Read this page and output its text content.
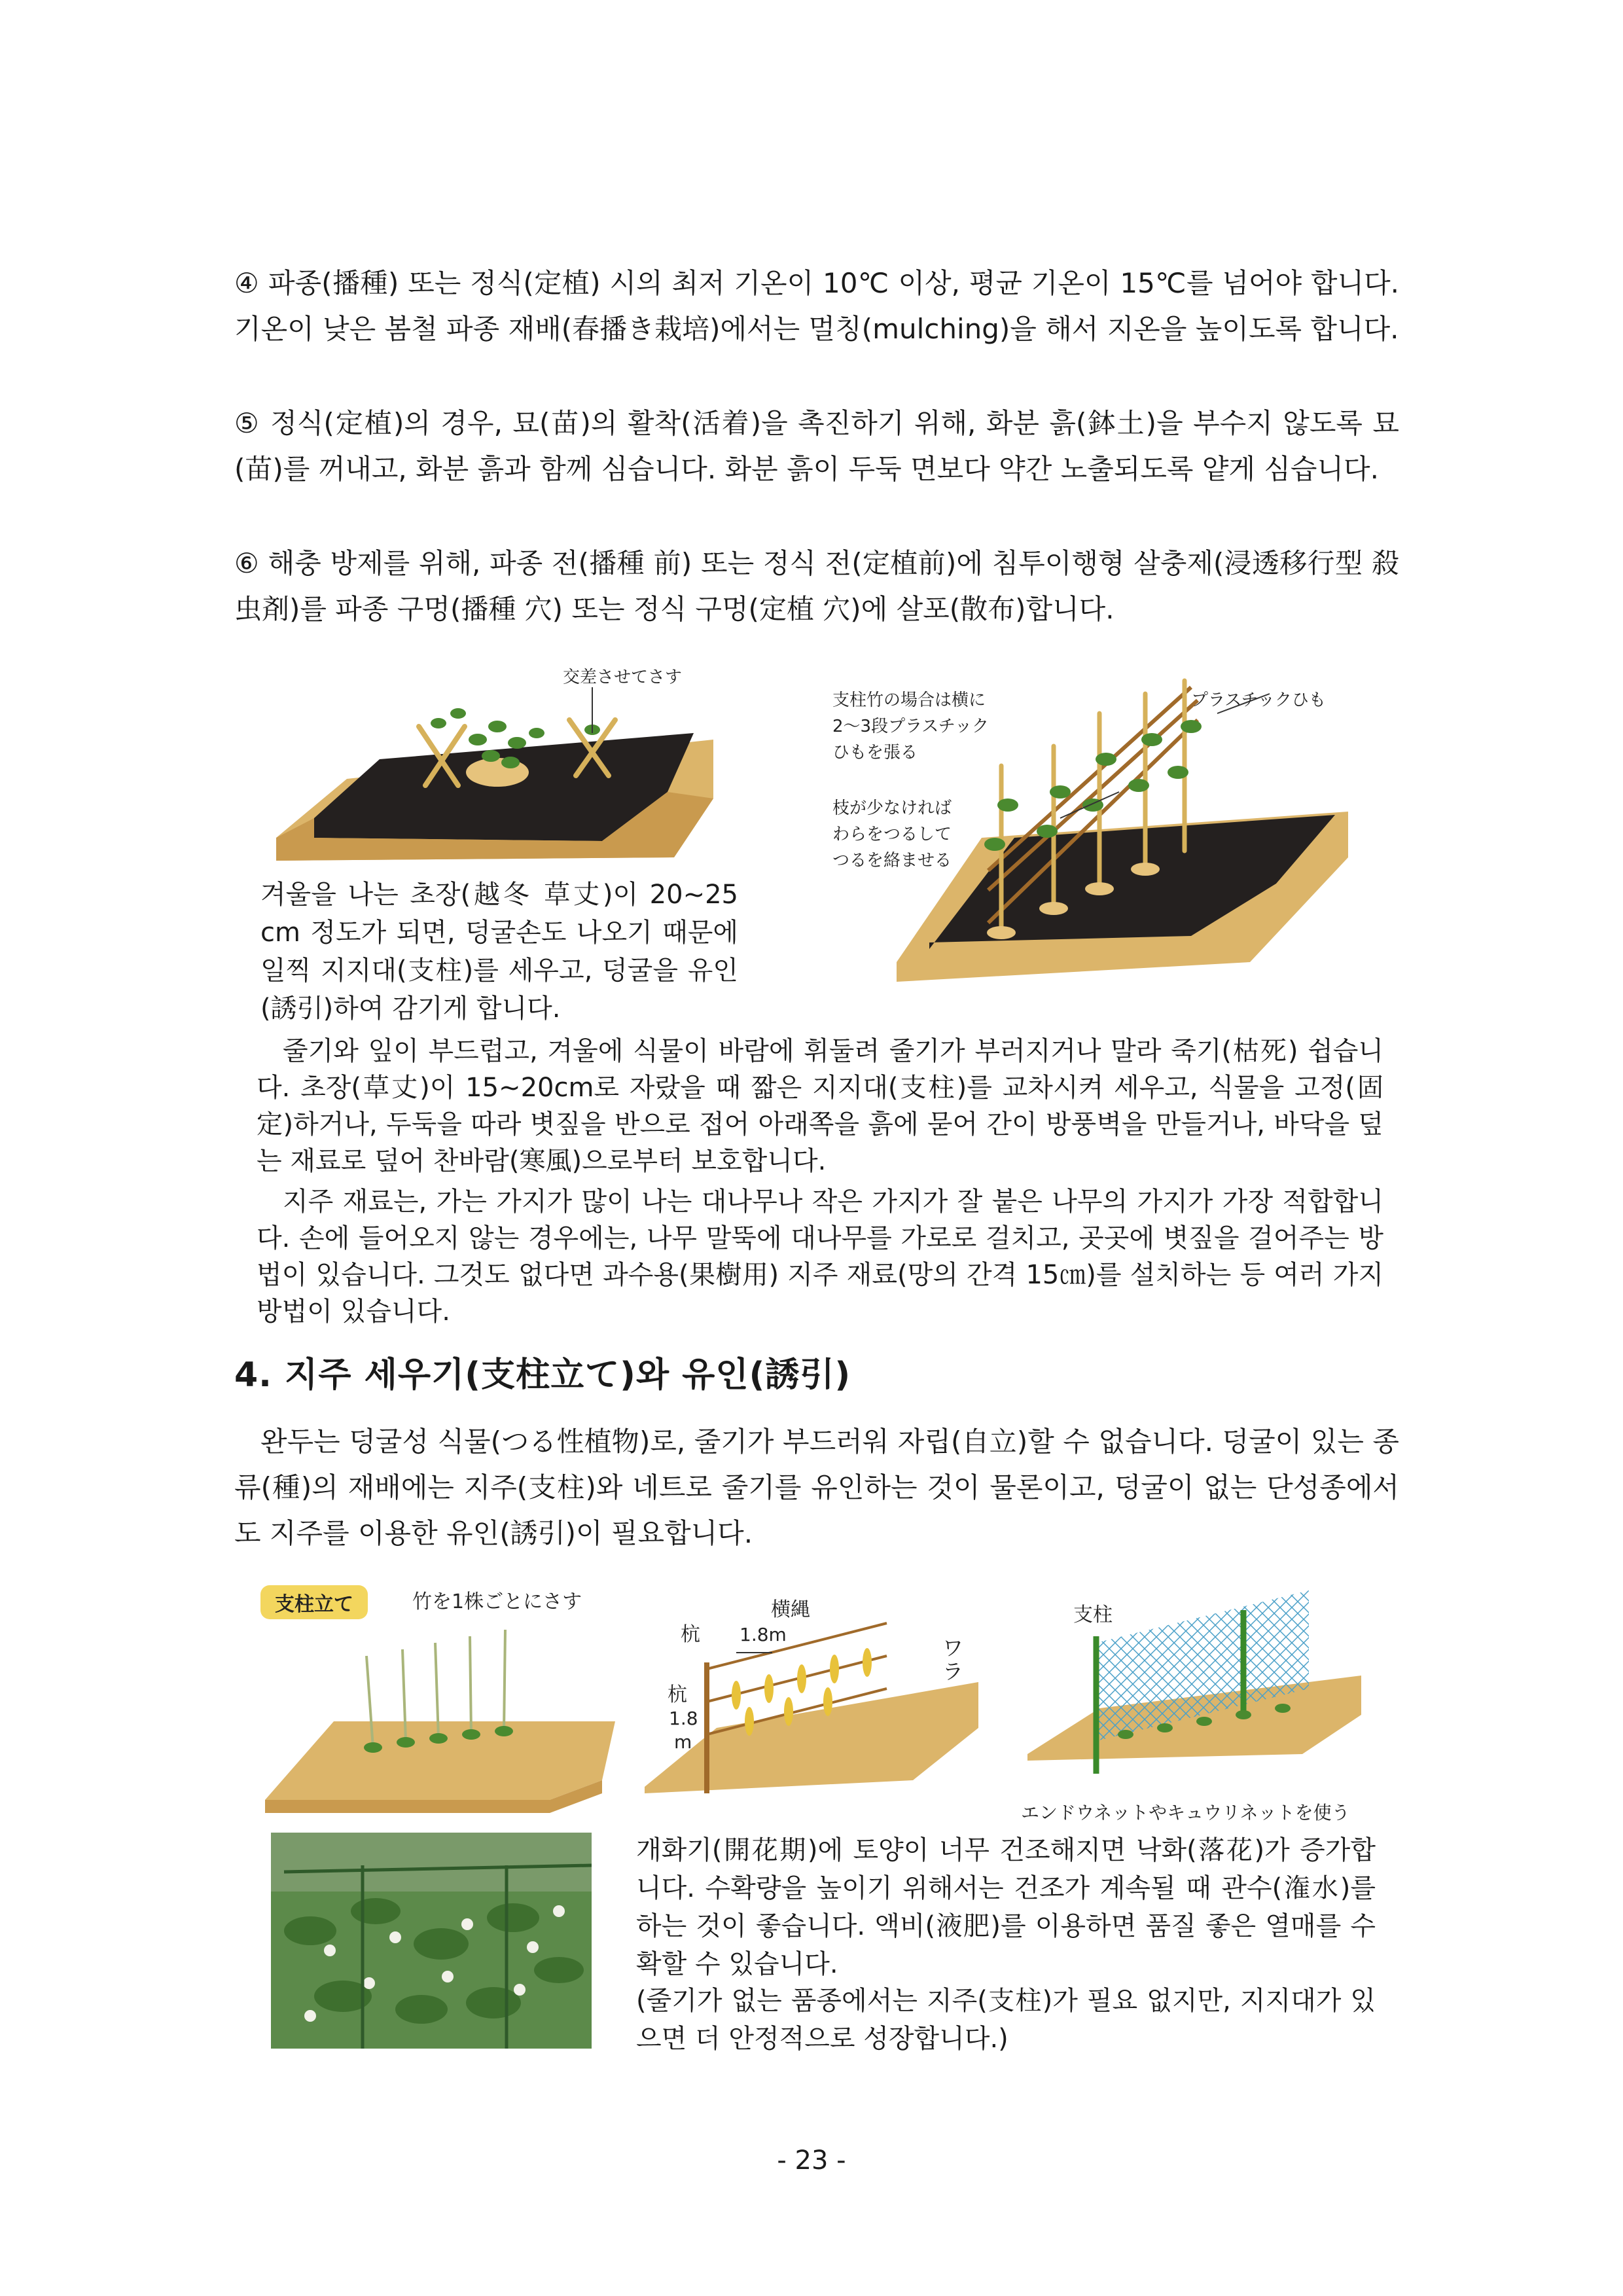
④ 파종(播種) 또는 정식(定植) 시의 최저 기온이 10℃ 이상, 평균 기온이 15℃를 넘어야 합니다. 기온이 낮은 봄철 파종 재배(春播き栽培)에서는 멀칭(mulching)을 해서 지온을 높이도록 합니다.

⑤ 정식(定植)의 경우, 묘(苗)의 활착(活着)을 촉진하기 위해, 화분 흙(鉢土)을 부수지 않도록 묘(苗)를 꺼내고, 화분 흙과 함께 심습니다. 화분 흙이 두둑 면보다 약간 노출되도록 얕게 심습니다.

⑥ 해충 방제를 위해, 파종 전(播種 前) 또는 정식 전(定植前)에 침투이행형 살충제(浸透移行型 殺虫剤)를 파종 구멍(播種 穴) 또는 정식 구멍(定植 穴)에 살포(散布)합니다.

交差させてさす

겨울을 나는 초장(越冬 草丈)이 20~25 cm 정도가 되면, 덩굴손도 나오기 때문에 일찍 지지대(支柱)를 세우고, 덩굴을 유인(誘引)하여 감기게 합니다.

支柱竹の場合は横に

2～3段プラスチック

ひもを張る

プラスチックひも

枝が少なければ

わらをつるして

つるを絡ませる

줄기와 잎이 부드럽고, 겨울에 식물이 바람에 휘둘려 줄기가 부러지거나 말라 죽기(枯死) 쉽습니다. 초장(草丈)이 15~20cm로 자랐을 때 짧은 지지대(支柱)를 교차시켜 세우고, 식물을 고정(固定)하거나, 두둑을 따라 볏짚을 반으로 접어 아래쪽을 흙에 묻어 간이 방풍벽을 만들거나, 바닥을 덮는 재료로 덮어 찬바람(寒風)으로부터 보호합니다.

지주 재료는, 가는 가지가 많이 나는 대나무나 작은 가지가 잘 붙은 나무의 가지가 가장 적합합니다. 손에 들어오지 않는 경우에는, 나무 말뚝에 대나무를 가로로 걸치고, 곳곳에 볏짚을 걸어주는 방법이 있습니다. 그것도 없다면 과수용(果樹用) 지주 재료(망의 간격 15㎝)를 설치하는 등 여러 가지 방법이 있습니다.

4. 지주 세우기(支柱立て)와 유인(誘引)

완두는 덩굴성 식물(つる性植物)로, 줄기가 부드러워 자립(自立)할 수 없습니다. 덩굴이 있는 종류(種)의 재배에는 지주(支柱)와 네트로 줄기를 유인하는 것이 물론이고, 덩굴이 없는 단성종에서도 지주를 이용한 유인(誘引)이 필요합니다.

支柱立て	竹を1株ごとにさす	横縄

杭 1.8m

杭

1.8

m

ワラ

支柱

エンドウネットやキュウリネットを使う

개화기(開花期)에 토양이 너무 건조해지면 낙화(落花)가 증가합니다. 수확량을 높이기 위해서는 건조가 계속될 때 관수(潅水)를 하는 것이 좋습니다. 액비(液肥)를 이용하면 품질 좋은 열매를 수확할 수 있습니다.

(줄기가 없는 품종에서는 지주(支柱)가 필요 없지만, 지지대가 있으면 더 안정적으로 성장합니다.)

- 23 -
